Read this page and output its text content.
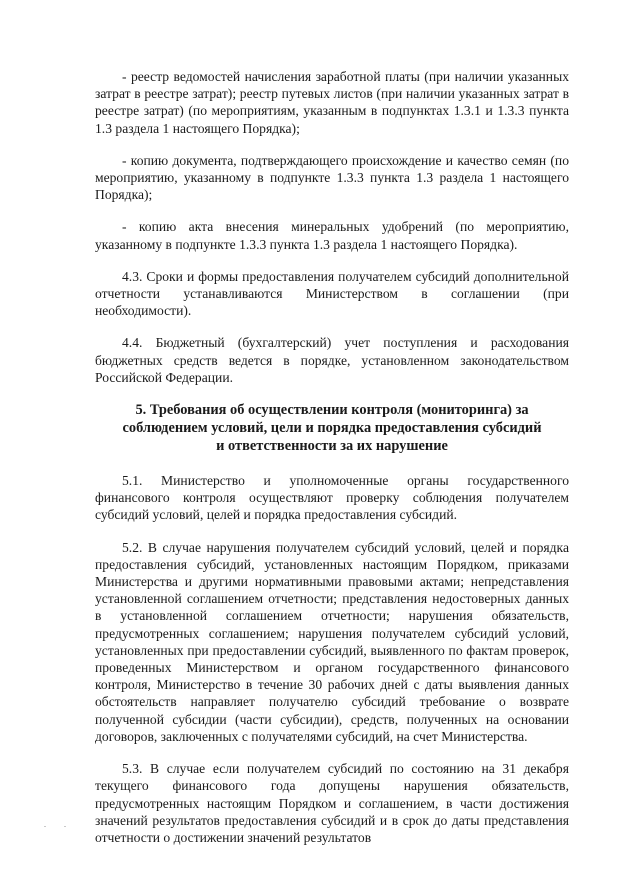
- реестр ведомостей начисления заработной платы (при наличии указанных затрат в реестре затрат); реестр путевых листов (при наличии указанных затрат в реестре затрат) (по мероприятиям, указанным в подпунктах 1.3.1 и 1.3.3 пункта 1.3 раздела 1 настоящего Порядка);

- копию документа, подтверждающего происхождение и качество семян (по мероприятию, указанному в подпункте 1.3.3 пункта 1.3 раздела 1 настоящего Порядка);

- копию акта внесения минеральных удобрений (по мероприятию, указанному в подпункте 1.3.3 пункта 1.3 раздела 1 настоящего Порядка).

4.3. Сроки и формы предоставления получателем субсидий дополнительной отчетности устанавливаются Министерством в соглашении (при необходимости).

4.4. Бюджетный (бухгалтерский) учет поступления и расходования бюджетных средств ведется в порядке, установленном законодательством Российской Федерации.

5. Требования об осуществлении контроля (мониторинга) за
соблюдением условий, цели и порядка предоставления субсидий
и ответственности за их нарушение

5.1. Министерство и уполномоченные органы государственного финансового контроля осуществляют проверку соблюдения получателем субсидий условий, целей и порядка предоставления субсидий.

5.2. В случае нарушения получателем субсидий условий, целей и порядка предоставления субсидий, установленных настоящим Порядком, приказами Министерства и другими нормативными правовыми актами; непредставления установленной соглашением отчетности; представления недостоверных данных в установленной соглашением отчетности; нарушения обязательств, предусмотренных соглашением; нарушения получателем субсидий условий, установленных при предоставлении субсидий, выявленного по фактам проверок, проведенных Министерством и органом государственного финансового контроля, Министерство в течение 30 рабочих дней с даты выявления данных обстоятельств направляет получателю субсидий требование о возврате полученной субсидии (части субсидии), средств, полученных на основании договоров, заключенных с получателями субсидий, на счет Министерства.

5.3. В случае если получателем субсидий по состоянию на 31 декабря текущего финансового года допущены нарушения обязательств, предусмотренных настоящим Порядком и соглашением, в части достижения значений результатов предоставления субсидий и в срок до даты представления отчетности о достижении значений результатов
